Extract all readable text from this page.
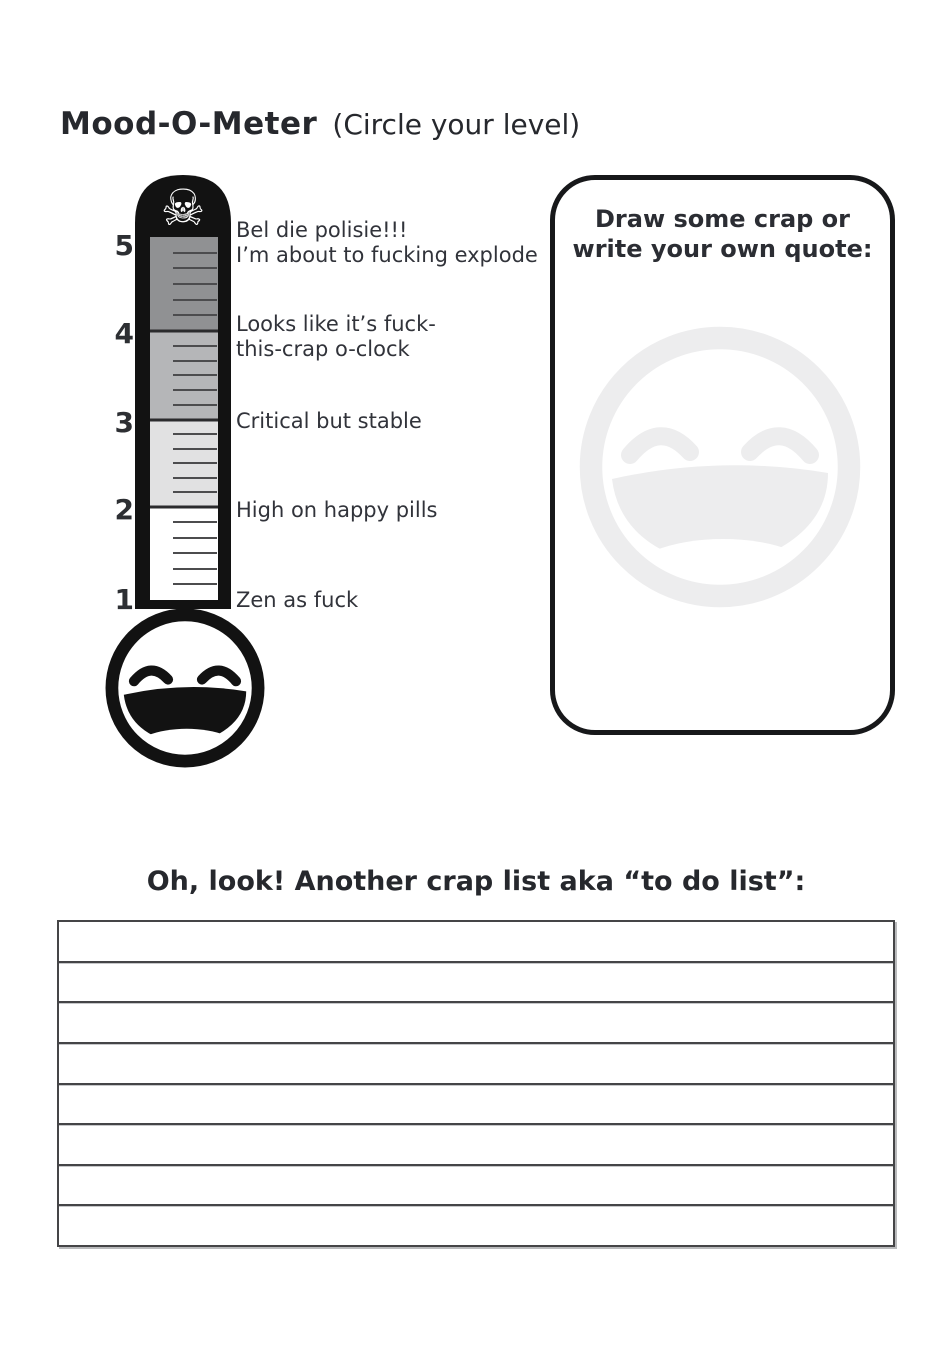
Mood-O-Meter (Circle your level)
☠
5
4
3
2
1
Bel die polisie!!!
I’m about to fucking explode
Looks like it’s fuck-
this-crap o-clock
Critical but stable
High on happy pills
Zen as fuck
Draw some crap or
write your own quote:
Oh, look! Another crap list aka “to do list”:
